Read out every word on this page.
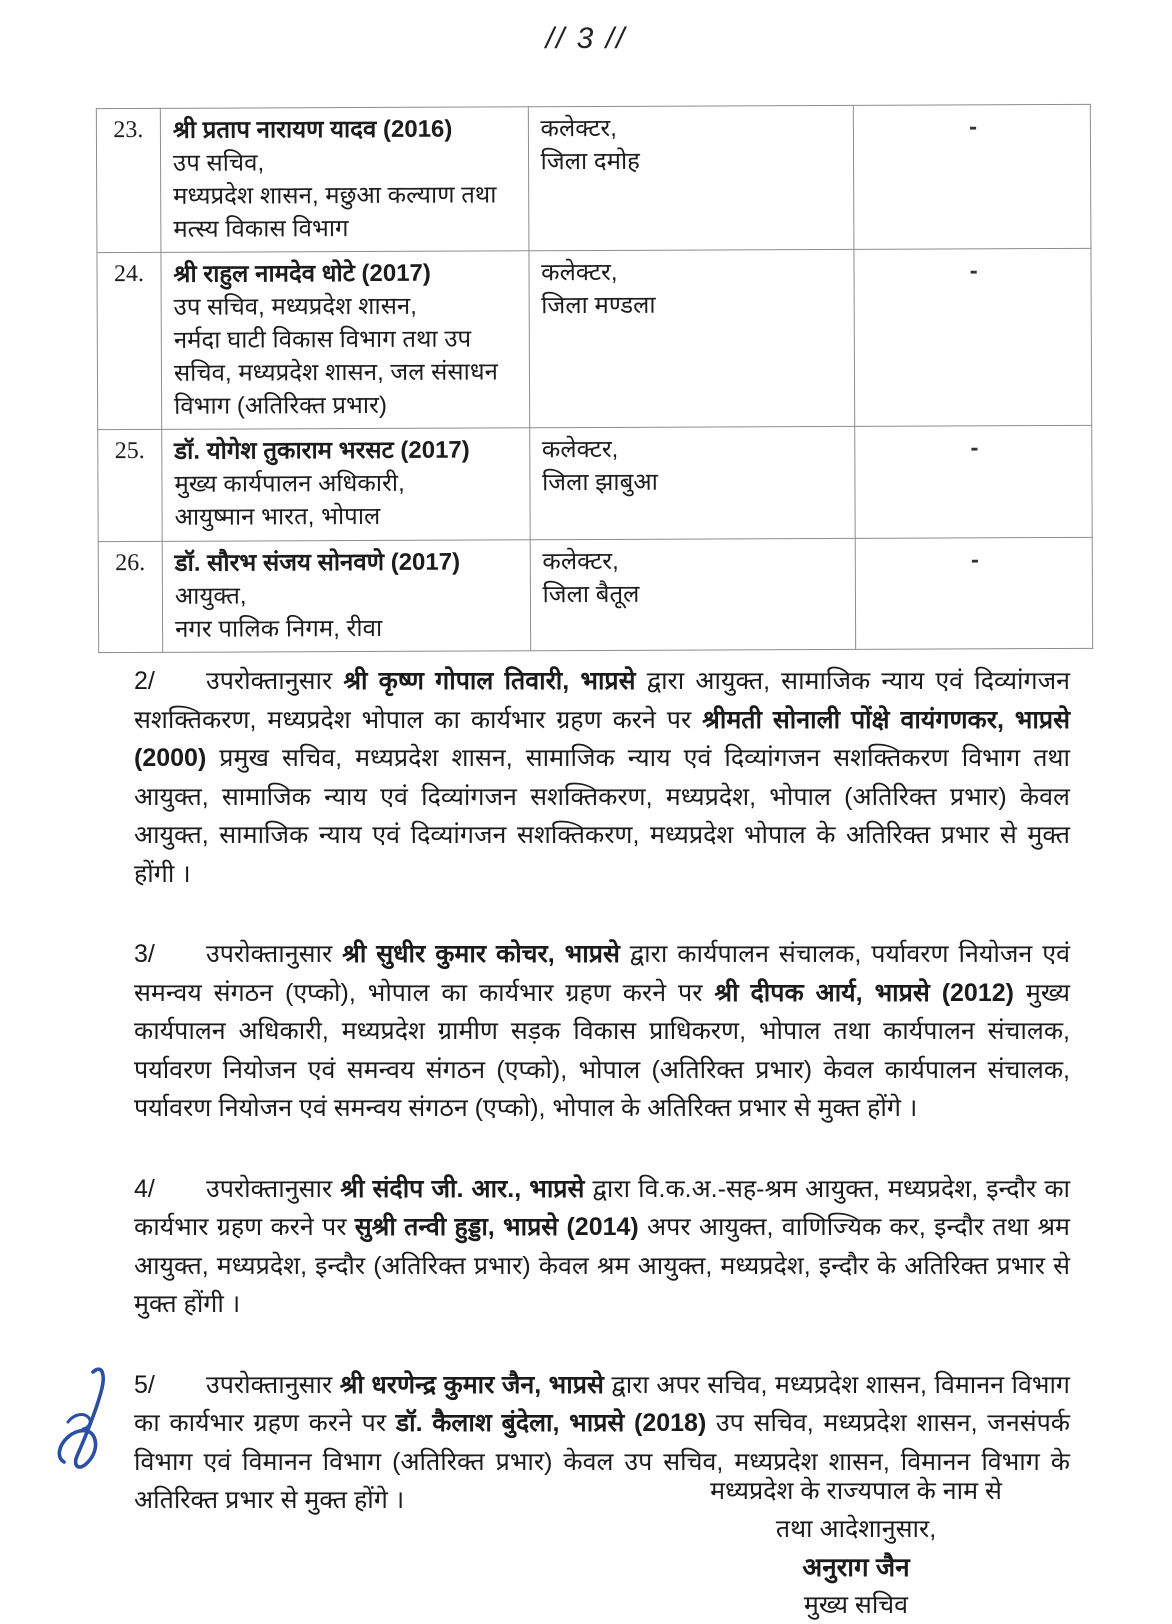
// 3 //
23.	श्री प्रताप नारायण यादव (2016)
उप सचिव,
मध्यप्रदेश शासन, मछुआ कल्याण तथा
मत्स्य विकास विभाग

कलेक्टर,
जिला दमोह
	-
24.	श्री राहुल नामदेव धोटे (2017)
उप सचिव, मध्यप्रदेश शासन,
नर्मदा घाटी विकास विभाग तथा उप
सचिव, मध्यप्रदेश शासन, जल संसाधन
विभाग (अतिरिक्त प्रभार)

कलेक्टर,
जिला मण्डला
	-
25.	डॉ. योगेश तुकाराम भरसट (2017)
मुख्य कार्यपालन अधिकारी,
आयुष्मान भारत, भोपाल

कलेक्टर,
जिला झाबुआ
	-
26.	डॉ. सौरभ संजय सोनवणे (2017)
आयुक्त,
नगर पालिक निगम, रीवा

कलेक्टर,
जिला बैतूल
	-
2/ उपरोक्तानुसार श्री कृष्ण गोपाल तिवारी, भाप्रसे द्वारा आयुक्त, सामाजिक न्याय एवं दिव्यांगजन सशक्तिकरण, मध्यप्रदेश भोपाल का कार्यभार ग्रहण करने पर श्रीमती सोनाली पोंक्षे वायंगणकर, भाप्रसे (2000) प्रमुख सचिव, मध्यप्रदेश शासन, सामाजिक न्याय एवं दिव्यांगजन सशक्तिकरण विभाग तथा आयुक्त, सामाजिक न्याय एवं दिव्यांगजन सशक्तिकरण, मध्यप्रदेश, भोपाल (अतिरिक्त प्रभार) केवल आयुक्त, सामाजिक न्याय एवं दिव्यांगजन सशक्तिकरण, मध्यप्रदेश भोपाल के अतिरिक्त प्रभार से मुक्त होंगी ।
3/ उपरोक्तानुसार श्री सुधीर कुमार कोचर, भाप्रसे द्वारा कार्यपालन संचालक, पर्यावरण नियोजन एवं समन्वय संगठन (एप्को), भोपाल का कार्यभार ग्रहण करने पर श्री दीपक आर्य, भाप्रसे (2012) मुख्य कार्यपालन अधिकारी, मध्यप्रदेश ग्रामीण सड़क विकास प्राधिकरण, भोपाल तथा कार्यपालन संचालक, पर्यावरण नियोजन एवं समन्वय संगठन (एप्को), भोपाल (अतिरिक्त प्रभार) केवल कार्यपालन संचालक, पर्यावरण नियोजन एवं समन्वय संगठन (एप्को), भोपाल के अतिरिक्त प्रभार से मुक्त होंगे ।
4/ उपरोक्तानुसार श्री संदीप जी. आर., भाप्रसे द्वारा वि.क.अ.-सह-श्रम आयुक्त, मध्यप्रदेश, इन्दौर का कार्यभार ग्रहण करने पर सुश्री तन्वी हुड्डा, भाप्रसे (2014) अपर आयुक्त, वाणिज्यिक कर, इन्दौर तथा श्रम आयुक्त, मध्यप्रदेश, इन्दौर (अतिरिक्त प्रभार) केवल श्रम आयुक्त, मध्यप्रदेश, इन्दौर के अतिरिक्त प्रभार से मुक्त होंगी ।
5/ उपरोक्तानुसार श्री धरणेन्द्र कुमार जैन, भाप्रसे द्वारा अपर सचिव, मध्यप्रदेश शासन, विमानन विभाग का कार्यभार ग्रहण करने पर डॉ. कैलाश बुंदेला, भाप्रसे (2018) उप सचिव, मध्यप्रदेश शासन, जनसंपर्क विभाग एवं विमानन विभाग (अतिरिक्त प्रभार) केवल उप सचिव, मध्यप्रदेश शासन, विमानन विभाग के अतिरिक्त प्रभार से मुक्त होंगे ।	मध्यप्रदेश के राज्यपाल के नाम से
तथा आदेशानुसार,
अनुराग जैन
मुख्य सचिव
